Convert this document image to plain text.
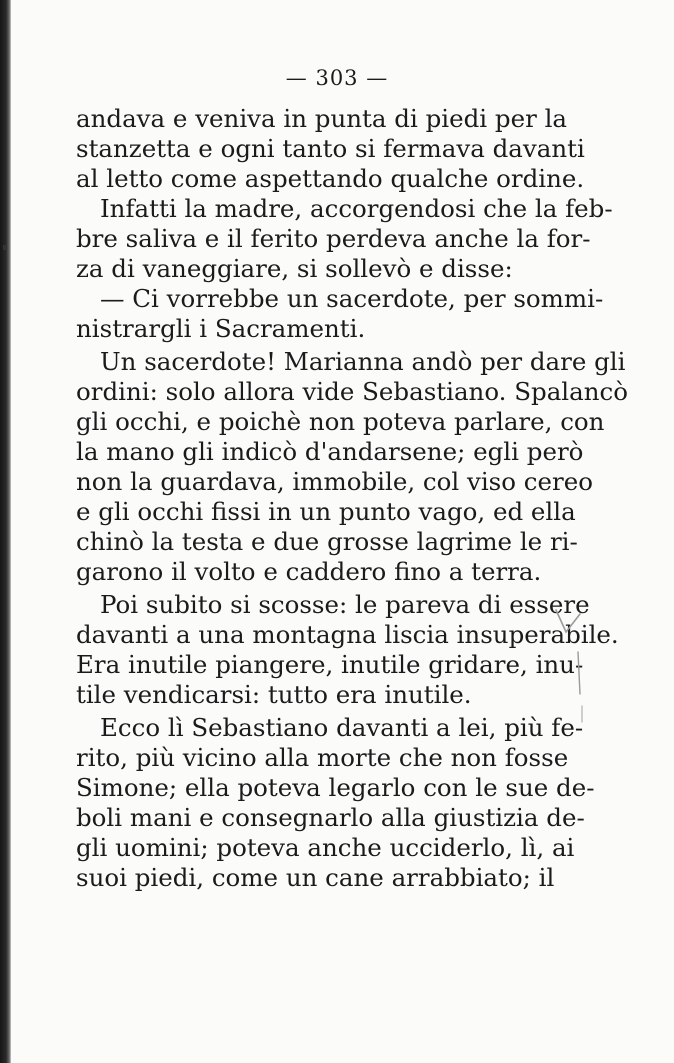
— 303 —
andava e veniva in punta di piedi per la
stanzetta e ogni tanto si fermava davanti
al letto come aspettando qualche ordine.
Infatti la madre, accorgendosi che la feb-
bre saliva e il ferito perdeva anche la for-
za di vaneggiare, si sollevò e disse:
— Ci vorrebbe un sacerdote, per sommi-
nistrargli i Sacramenti.
Un sacerdote! Marianna andò per dare gli
ordini: solo allora vide Sebastiano. Spalancò
gli occhi, e poichè non poteva parlare, con
la mano gli indicò d'andarsene; egli però
non la guardava, immobile, col viso cereo
e gli occhi fissi in un punto vago, ed ella
chinò la testa e due grosse lagrime le ri-
garono il volto e caddero fino a terra.
Poi subito si scosse: le pareva di essere
davanti a una montagna liscia insuperabile.
Era inutile piangere, inutile gridare, inu-
tile vendicarsi: tutto era inutile.
Ecco lì Sebastiano davanti a lei, più fe-
rito, più vicino alla morte che non fosse
Simone; ella poteva legarlo con le sue de-
boli mani e consegnarlo alla giustizia de-
gli uomini; poteva anche ucciderlo, lì, ai
suoi piedi, come un cane arrabbiato; il
